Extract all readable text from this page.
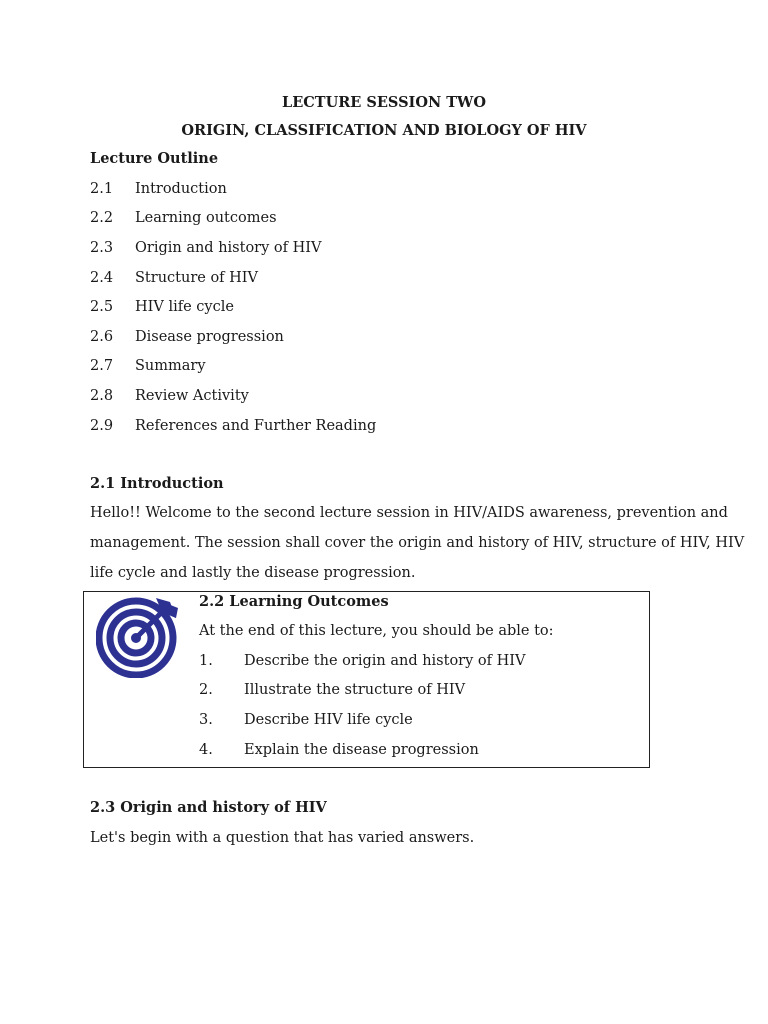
LECTURE SESSION TWO
ORIGIN, CLASSIFICATION AND BIOLOGY OF HIV
Lecture Outline
2.1 Introduction
2.2 Learning outcomes
2.3 Origin and history of HIV
2.4 Structure of HIV
2.5 HIV life cycle
2.6 Disease progression
2.7 Summary
2.8 Review Activity
2.9 References and Further Reading
2.1 Introduction
Hello!! Welcome to the second lecture session in HIV/AIDS awareness, prevention and
management. The session shall cover the origin and history of HIV, structure of HIV, HIV
life cycle and lastly the disease progression.
2.2 Learning Outcomes
At the end of this lecture, you should be able to:
1. Describe the origin and history of HIV
2. Illustrate the structure of HIV
3. Describe HIV life cycle
4. Explain the disease progression
2.3 Origin and history of HIV
Let's begin with a question that has varied answers.
